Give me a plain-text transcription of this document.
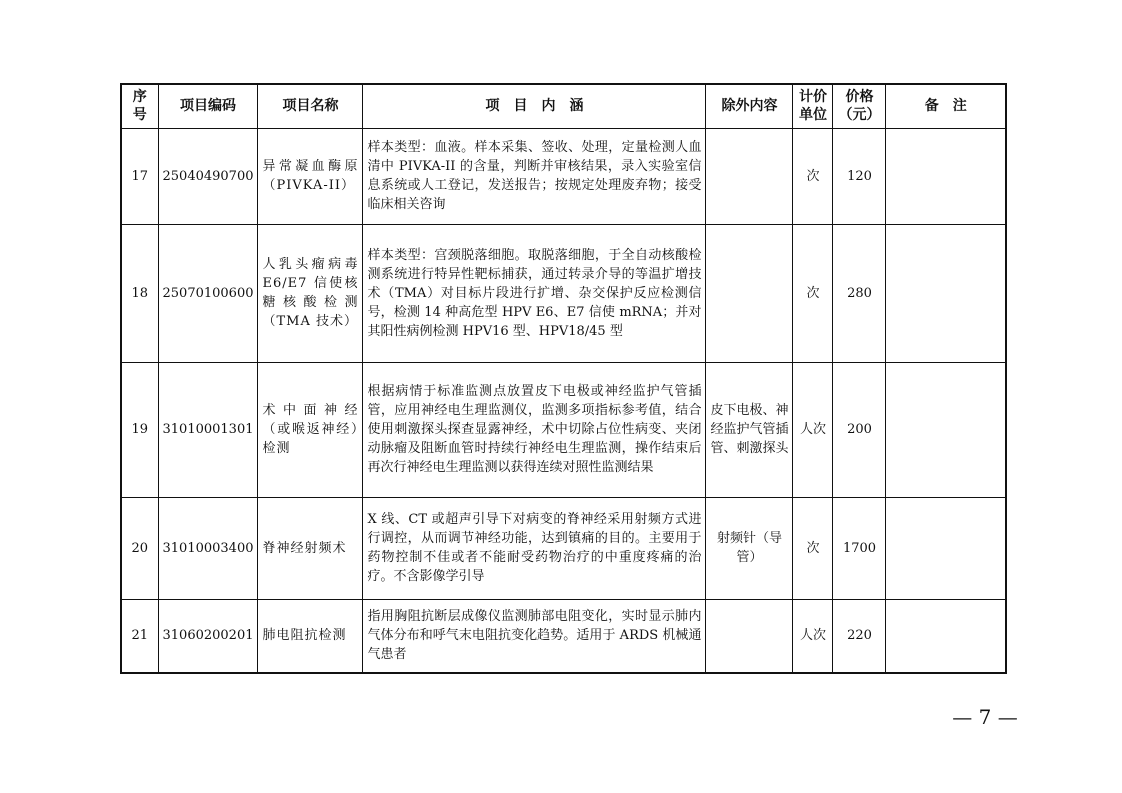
序号	项目编码	项目名称	项　目　内　涵	除外内容	计价单位	价格（元）	备　注
17	25040490700	异常凝血酶原（PIVKA-II）	样本类型：血液。样本采集、签收、处理，定量检测人血清中 PIVKA-II 的含量，判断并审核结果，录入实验室信息系统或人工登记，发送报告；按规定处理废弃物；接受临床相关咨询		次	120	
18	25070100600	人乳头瘤病毒 E6/E7 信使核糖核酸检测（TMA 技术）	样本类型：宫颈脱落细胞。取脱落细胞，于全自动核酸检测系统进行特异性靶标捕获，通过转录介导的等温扩增技术（TMA）对目标片段进行扩增、杂交保护反应检测信号，检测 14 种高危型 HPV E6、E7 信使 mRNA；并对其阳性病例检测 HPV16 型、HPV18/45 型		次	280	
19	31010001301	术中面神经（或喉返神经）检测	根据病情于标准监测点放置皮下电极或神经监护气管插管，应用神经电生理监测仪，监测多项指标参考值，结合使用刺激探头探查显露神经，术中切除占位性病变、夹闭动脉瘤及阻断血管时持续行神经电生理监测，操作结束后再次行神经电生理监测以获得连续对照性监测结果	皮下电极、神经监护气管插管、刺激探头	人次	200	
20	31010003400	脊神经射频术	X 线、CT 或超声引导下对病变的脊神经采用射频方式进行调控，从而调节神经功能，达到镇痛的目的。主要用于药物控制不佳或者不能耐受药物治疗的中重度疼痛的治疗。不含影像学引导	射频针（导管）	次	1700	
21	31060200201	肺电阻抗检测	指用胸阻抗断层成像仪监测肺部电阻变化，实时显示肺内气体分布和呼气末电阻抗变化趋势。适用于 ARDS 机械通气患者		人次	220	
— 7 —
